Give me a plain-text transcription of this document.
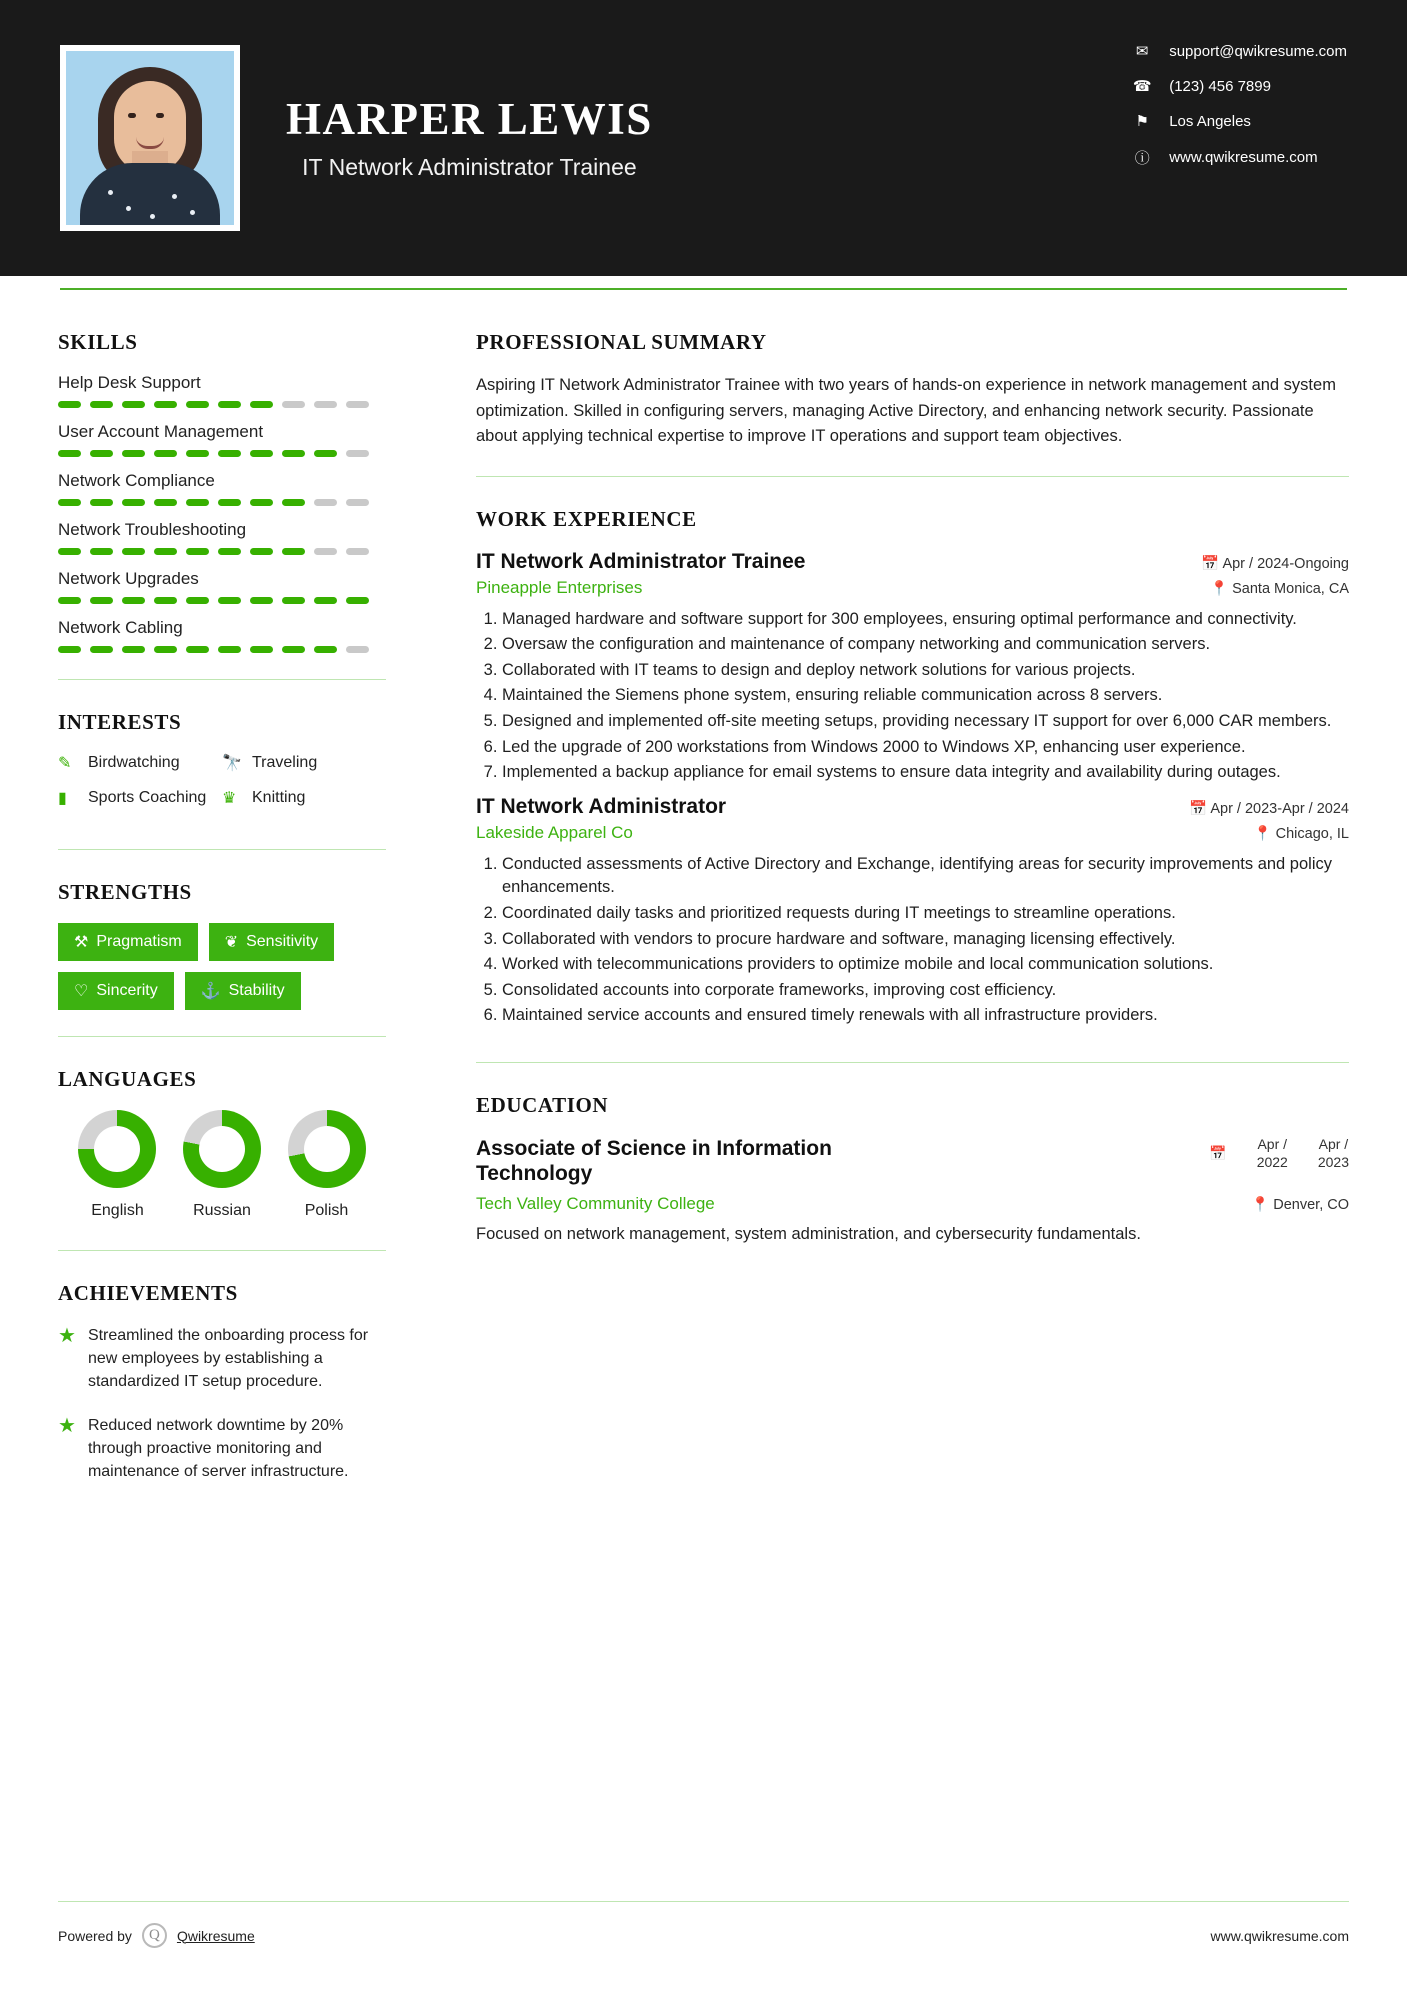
HARPER LEWIS
IT Network Administrator Trainee
✉	support@qwikresume.com
☎ (123) 456 7899
⚑ Los Angeles
ⓘ www.qwikresume.com
SKILLS
Help Desk Support
User Account Management
Network Compliance
Network Troubleshooting
Network Upgrades
Network Cabling
INTERESTS
✎	Birdwatching	🔭 Traveling
▮	Sports Coaching ♛ Knitting
STRENGTHS
⚒ Pragmatism	❦ Sensitivity
♡ Sincerity	⚓ Stability
LANGUAGES
English	Russian	Polish
ACHIEVEMENTS
★ Streamlined the onboarding process for new employees by establishing a standardized IT setup procedure.
★ Reduced network downtime by 20% through proactive monitoring and maintenance of server infrastructure.
PROFESSIONAL SUMMARY
Aspiring IT Network Administrator Trainee with two years of hands-on experience in network management and system optimization. Skilled in configuring servers, managing Active Directory, and enhancing network security. Passionate about applying technical expertise to improve IT operations and support team objectives.
WORK EXPERIENCE
IT Network Administrator Trainee	📅 Apr / 2024-Ongoing
Pineapple Enterprises	📍 Santa Monica, CA
1. Managed hardware and software support for 300 employees, ensuring optimal performance and connectivity.
2. Oversaw the configuration and maintenance of company networking and communication servers.
3. Collaborated with IT teams to design and deploy network solutions for various projects.
4. Maintained the Siemens phone system, ensuring reliable communication across 8 servers.
5. Designed and implemented off-site meeting setups, providing necessary IT support for over 6,000 CAR members.
6. Led the upgrade of 200 workstations from Windows 2000 to Windows XP, enhancing user experience.
7. Implemented a backup appliance for email systems to ensure data integrity and availability during outages.
IT Network Administrator	📅 Apr / 2023-Apr / 2024
Lakeside Apparel Co	📍 Chicago, IL
1. Conducted assessments of Active Directory and Exchange, identifying areas for security improvements and policy enhancements.
2. Coordinated daily tasks and prioritized requests during IT meetings to streamline operations.
3. Collaborated with vendors to procure hardware and software, managing licensing effectively.
4. Worked with telecommunications providers to optimize mobile and local communication solutions.
5. Consolidated accounts into corporate frameworks, improving cost efficiency.
6. Maintained service accounts and ensured timely renewals with all infrastructure providers.
EDUCATION
Associate of Science in Information Technology
📅
Apr /
2022
Apr /
2023
Tech Valley Community College	📍 Denver, CO
Focused on network management, system administration, and cybersecurity fundamentals.
Powered by	Q	Qwikresume	www.qwikresume.com
